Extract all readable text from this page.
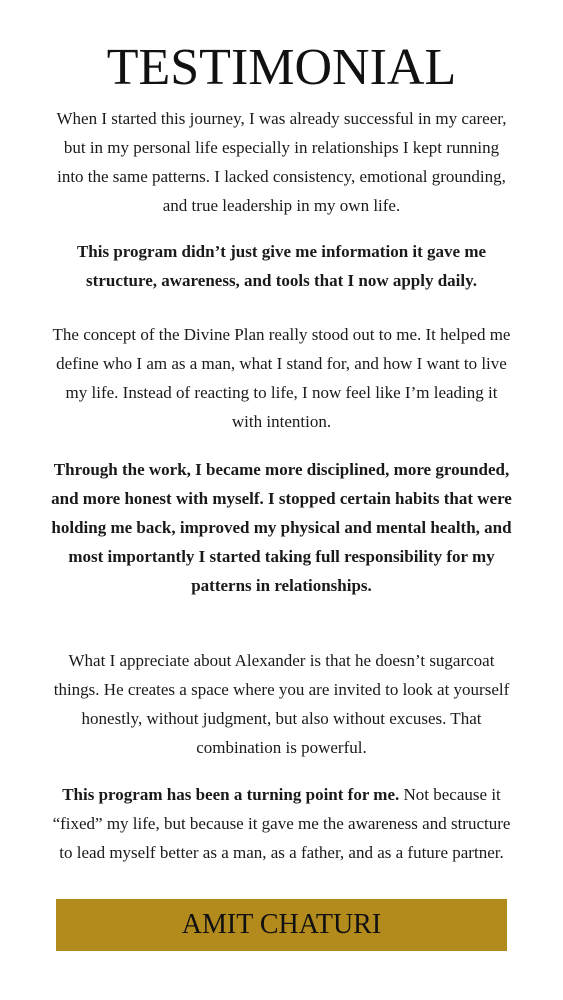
TESTIMONIAL

When I started this journey, I was already successful in my career, but in my personal life especially in relationships I kept running into the same patterns. I lacked consistency, emotional grounding, and true leadership in my own life.

This program didn’t just give me information it gave me structure, awareness, and tools that I now apply daily.

The concept of the Divine Plan really stood out to me. It helped me define who I am as a man, what I stand for, and how I want to live my life. Instead of reacting to life, I now feel like I’m leading it with intention.

Through the work, I became more disciplined, more grounded, and more honest with myself. I stopped certain habits that were holding me back, improved my physical and mental health, and most importantly I started taking full responsibility for my patterns in relationships.

What I appreciate about Alexander is that he doesn’t sugarcoat things. He creates a space where you are invited to look at yourself honestly, without judgment, but also without excuses. That combination is powerful.

This program has been a turning point for me. Not because it “fixed” my life, but because it gave me the awareness and structure to lead myself better as a man, as a father, and as a future partner.

AMIT CHATURI
